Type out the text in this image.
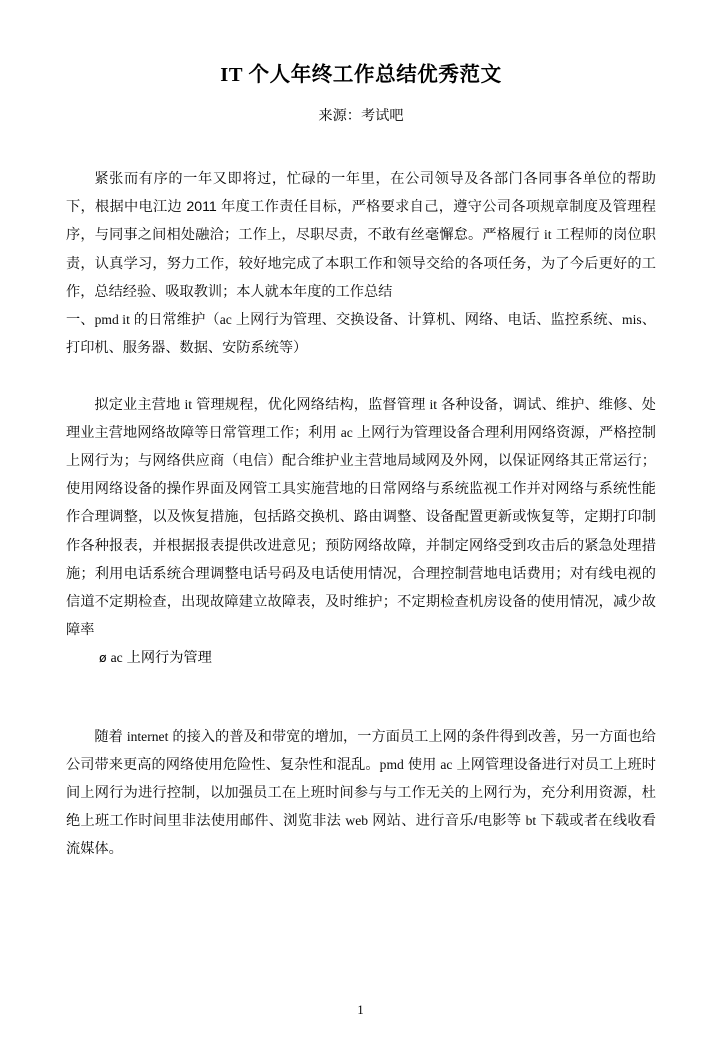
IT 个人年终工作总结优秀范文
来源：考试吧

紧张而有序的一年又即将过，忙碌的一年里，在公司领导及各部门各同事各单位的帮助下，根据中电江边 2011 年度工作责任目标，严格要求自己，遵守公司各项规章制度及管理程序，与同事之间相处融洽；工作上，尽职尽责，不敢有丝毫懈怠。严格履行 it 工程师的岗位职责，认真学习，努力工作，较好地完成了本职工作和领导交给的各项任务，为了今后更好的工作，总结经验、吸取教训；本人就本年度的工作总结

一、pmd it 的日常维护（ac 上网行为管理、交换设备、计算机、网络、电话、监控系统、mis、打印机、服务器、数据、安防系统等）

拟定业主营地 it 管理规程，优化网络结构，监督管理 it 各种设备，调试、维护、维修、处理业主营地网络故障等日常管理工作；利用 ac 上网行为管理设备合理利用网络资源，严格控制上网行为；与网络供应商（电信）配合维护业主营地局域网及外网，以保证网络其正常运行；使用网络设备的操作界面及网管工具实施营地的日常网络与系统监视工作并对网络与系统性能作合理调整，以及恢复措施，包括路交换机、路由调整、设备配置更新或恢复等，定期打印制作各种报表，并根据报表提供改进意见；预防网络故障，并制定网络受到攻击后的紧急处理措施；利用电话系统合理调整电话号码及电话使用情况，合理控制营地电话费用；对有线电视的信道不定期检查，出现故障建立故障表，及时维护；不定期检查机房设备的使用情况，减少故障率

ø ac 上网行为管理

随着 internet 的接入的普及和带宽的增加，一方面员工上网的条件得到改善，另一方面也给公司带来更高的网络使用危险性、复杂性和混乱。pmd 使用 ac 上网管理设备进行对员工上班时间上网行为进行控制，以加强员工在上班时间参与与工作无关的上网行为，充分利用资源，杜绝上班工作时间里非法使用邮件、浏览非法 web 网站、进行音乐/电影等 bt 下载或者在线收看流媒体。

1
